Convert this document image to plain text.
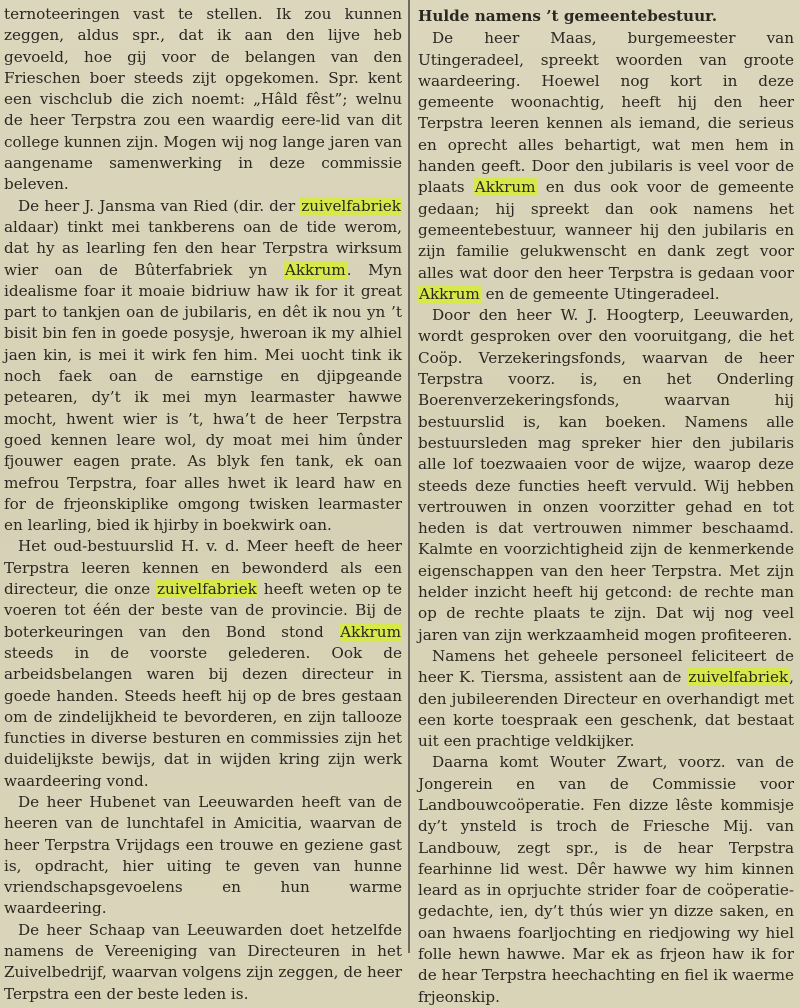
ternoteeringen vast te stellen. Ik zou kunnen zeggen, aldus spr., dat ik aan den lijve heb gevoeld, hoe gij voor de belangen van den Frieschen boer steeds zijt opgekomen. Spr. kent een vischclub die zich noemt: „Hâld fêst”; welnu de heer Terpstra zou een waardig eere-lid van dit college kunnen zijn. Mogen wij nog lange jaren van aangename samenwerking in deze commissie beleven.

De heer J. Jansma van Ried (dir. der zuivelfabriek aldaar) tinkt mei tankberens oan de tide werom, dat hy as learling fen den hear Terpstra wirksum wier oan de Bûterfabriek yn Akkrum. Myn idealisme foar it moaie bidriuw haw ik for it great part to tankjen oan de jubilaris, en dêt ik nou yn ’t bisit bin fen in goede posysje, hweroan ik my alhiel jaen kin, is mei it wirk fen him. Mei uocht tink ik noch faek oan de earnstige en djipgeande petearen, dy’t ik mei myn learmaster hawwe mocht, hwent wier is ’t, hwa’t de heer Terpstra goed kennen leare wol, dy moat mei him ûnder fjouwer eagen prate. As blyk fen tank, ek oan mefrou Terpstra, foar alles hwet ik leard haw en for de frjeonskiplike omgong twisken learmaster en learling, bied ik hjirby in boekwirk oan.

Het oud-bestuurslid H. v. d. Meer heeft de heer Terpstra leeren kennen en bewonderd als een directeur, die onze zuivelfabriek heeft weten op te voeren tot één der beste van de provincie. Bij de boterkeuringen van den Bond stond Akkrum steeds in de voorste gelederen. Ook de arbeidsbelangen waren bij dezen directeur in goede handen. Steeds heeft hij op de bres gestaan om de zindelijkheid te bevorderen, en zijn tallooze functies in diverse besturen en commissies zijn het duidelijkste bewijs, dat in wijden kring zijn werk waardeering vond.

De heer Hubenet van Leeuwarden heeft van de heeren van de lunchtafel in Amicitia, waarvan de heer Terpstra Vrijdags een trouwe en geziene gast is, opdracht, hier uiting te geven van hunne vriendschapsgevoelens en hun warme waardeering.

De heer Schaap van Leeuwarden doet hetzelfde namens de Vereeniging van Directeuren in het Zuivelbedrijf, waarvan volgens zijn zeggen, de heer Terpstra een der beste leden is.

Hulde namens ’t gemeentebestuur.

De heer Maas, burgemeester van Utingeradeel, spreekt woorden van groote waardeering. Hoewel nog kort in deze gemeente woonachtig, heeft hij den heer Terpstra leeren kennen als iemand, die serieus en oprecht alles behartigt, wat men hem in handen geeft. Door den jubilaris is veel voor de plaats Akkrum en dus ook voor de gemeente gedaan; hij spreekt dan ook namens het gemeentebestuur, wanneer hij den jubilaris en zijn familie gelukwenscht en dank zegt voor alles wat door den heer Terpstra is gedaan voor Akkrum en de gemeente Utingeradeel.

Door den heer W. J. Hoogterp, Leeuwarden, wordt gesproken over den vooruitgang, die het Coöp. Verzekeringsfonds, waarvan de heer Terpstra voorz. is, en het Onderling Boerenverzekeringsfonds, waarvan hij bestuurslid is, kan boeken. Namens alle bestuursleden mag spreker hier den jubilaris alle lof toezwaaien voor de wijze, waarop deze steeds deze functies heeft vervuld. Wij hebben vertrouwen in onzen voorzitter gehad en tot heden is dat vertrouwen nimmer beschaamd. Kalmte en voorzichtigheid zijn de kenmerkende eigenschappen van den heer Terpstra. Met zijn helder inzicht heeft hij getcond: de rechte man op de rechte plaats te zijn. Dat wij nog veel jaren van zijn werkzaamheid mogen profiteeren.

Namens het geheele personeel feliciteert de heer K. Tiersma, assistent aan de zuivelfabriek, den jubileerenden Directeur en overhandigt met een korte toespraak een geschenk, dat bestaat uit een prachtige veldkijker.

Daarna komt Wouter Zwart, voorz. van de Jongerein en van de Commissie voor Landbouwcoöperatie. Fen dizze lêste kommisje dy’t ynsteld is troch de Friesche Mij. van Landbouw, zegt spr., is de hear Terpstra fearhinne lid west. Dêr hawwe wy him kinnen leard as in oprjuchte strider foar de coöperatie-gedachte, ien, dy’t thús wier yn dizze saken, en oan hwaens foarljochting en riedjowing wy hiel folle hewn hawwe. Mar ek as frjeon haw ik for de hear Terpstra heechachting en fiel ik waerme frjeonskip.
